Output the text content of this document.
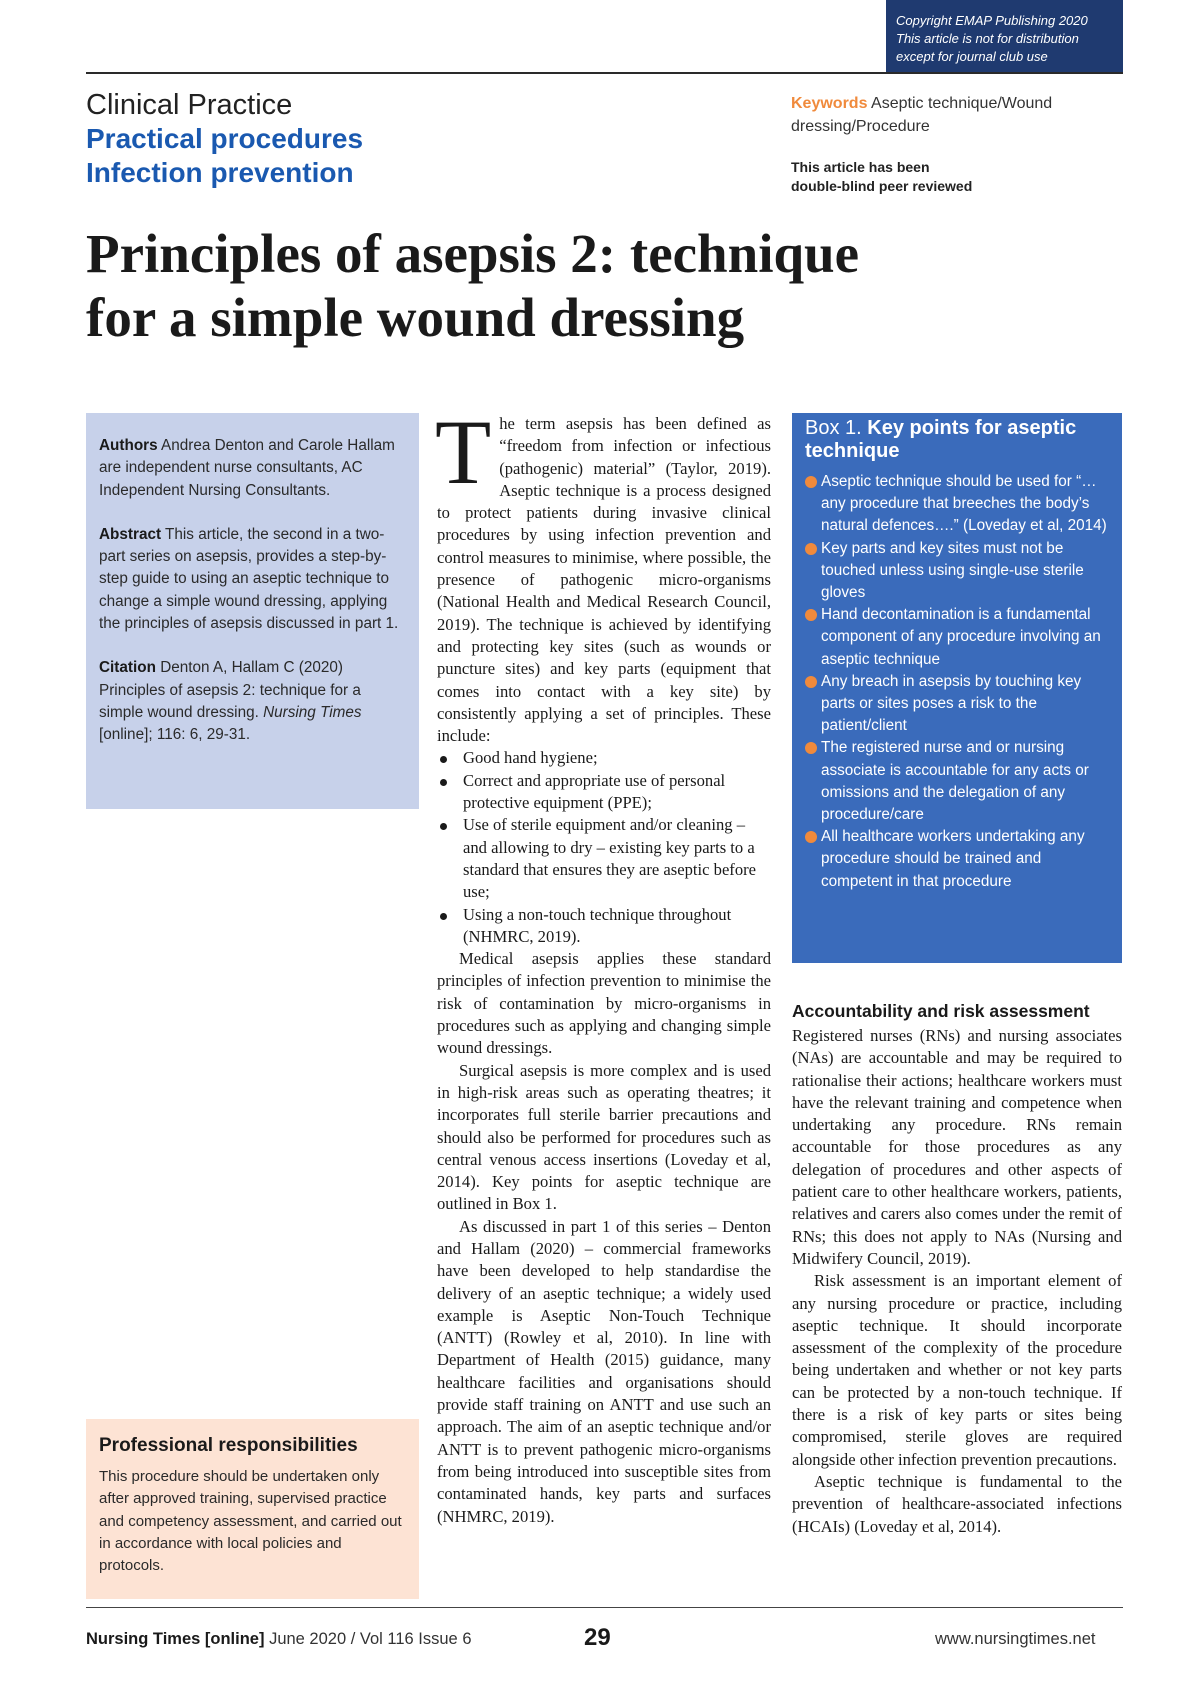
Copyright EMAP Publishing 2020
This article is not for distribution
except for journal club use
Clinical Practice
Practical procedures
Infection prevention
Keywords Aseptic technique/Wound dressing/Procedure
This article has been
double-blind peer reviewed
Principles of asepsis 2: technique
for a simple wound dressing

Authors Andrea Denton and Carole Hallam are independent nurse consultants, AC Independent Nursing Consultants.

Abstract This article, the second in a two-part series on asepsis, provides a step-by-step guide to using an aseptic technique to change a simple wound dressing, applying the principles of asepsis discussed in part 1.

Citation Denton A, Hallam C (2020) Principles of asepsis 2: technique for a simple wound dressing. Nursing Times [online]; 116: 6, 29-31.

Professional responsibilities
This procedure should be undertaken only after approved training, supervised practice and competency assessment, and carried out in accordance with local policies and protocols.

The term asepsis has been defined as “freedom from infection or infectious (pathogenic) material” (Taylor, 2019). Aseptic technique is a process designed to protect patients during invasive clinical procedures by using infection prevention and control measures to minimise, where possible, the presence of pathogenic micro-organisms (National Health and Medical Research Council, 2019). The technique is achieved by identifying and protecting key sites (such as wounds or puncture sites) and key parts (equipment that comes into contact with a key site) by consistently applying a set of principles. These include:

Good hand hygiene;
Correct and appropriate use of personal protective equipment (PPE);
Use of sterile equipment and/or cleaning – and allowing to dry – existing key parts to a standard that ensures they are aseptic before use;
Using a non-touch technique throughout (NHMRC, 2019).

Medical asepsis applies these standard principles of infection prevention to minimise the risk of contamination by micro-organisms in procedures such as applying and changing simple wound dressings.

Surgical asepsis is more complex and is used in high-risk areas such as operating theatres; it incorporates full sterile barrier precautions and should also be performed for procedures such as central venous access insertions (Loveday et al, 2014). Key points for aseptic technique are outlined in Box 1.

As discussed in part 1 of this series – Denton and Hallam (2020) – commercial frameworks have been developed to help standardise the delivery of an aseptic technique; a widely used example is Aseptic Non-Touch Technique (ANTT) (Rowley et al, 2010). In line with Department of Health (2015) guidance, many healthcare facilities and organisations should provide staff training on ANTT and use such an approach. The aim of an aseptic technique and/or ANTT is to prevent pathogenic micro-organisms from being introduced into susceptible sites from contaminated hands, key parts and surfaces (NHMRC, 2019).

Box 1. Key points for aseptic technique
Aseptic technique should be used for “…any procedure that breeches the body’s natural defences….” (Loveday et al, 2014)
Key parts and key sites must not be touched unless using single-use sterile gloves
Hand decontamination is a fundamental component of any procedure involving an aseptic technique
Any breach in asepsis by touching key parts or sites poses a risk to the patient/client
The registered nurse and or nursing associate is accountable for any acts or omissions and the delegation of any procedure/care
All healthcare workers undertaking any procedure should be trained and competent in that procedure
Accountability and risk assessment

Registered nurses (RNs) and nursing associates (NAs) are accountable and may be required to rationalise their actions; healthcare workers must have the relevant training and competence when undertaking any procedure. RNs remain accountable for those procedures as any delegation of procedures and other aspects of patient care to other healthcare workers, patients, relatives and carers also comes under the remit of RNs; this does not apply to NAs (Nursing and Midwifery Council, 2019).

Risk assessment is an important element of any nursing procedure or practice, including aseptic technique. It should incorporate assessment of the complexity of the procedure being undertaken and whether or not key parts can be protected by a non-touch technique. If there is a risk of key parts or sites being compromised, sterile gloves are required alongside other infection prevention precautions.

Aseptic technique is fundamental to the prevention of healthcare-associated infections (HCAIs) (Loveday et al, 2014).

Nursing Times [online] June 2020 / Vol 116 Issue 6	29	www.nursingtimes.net
